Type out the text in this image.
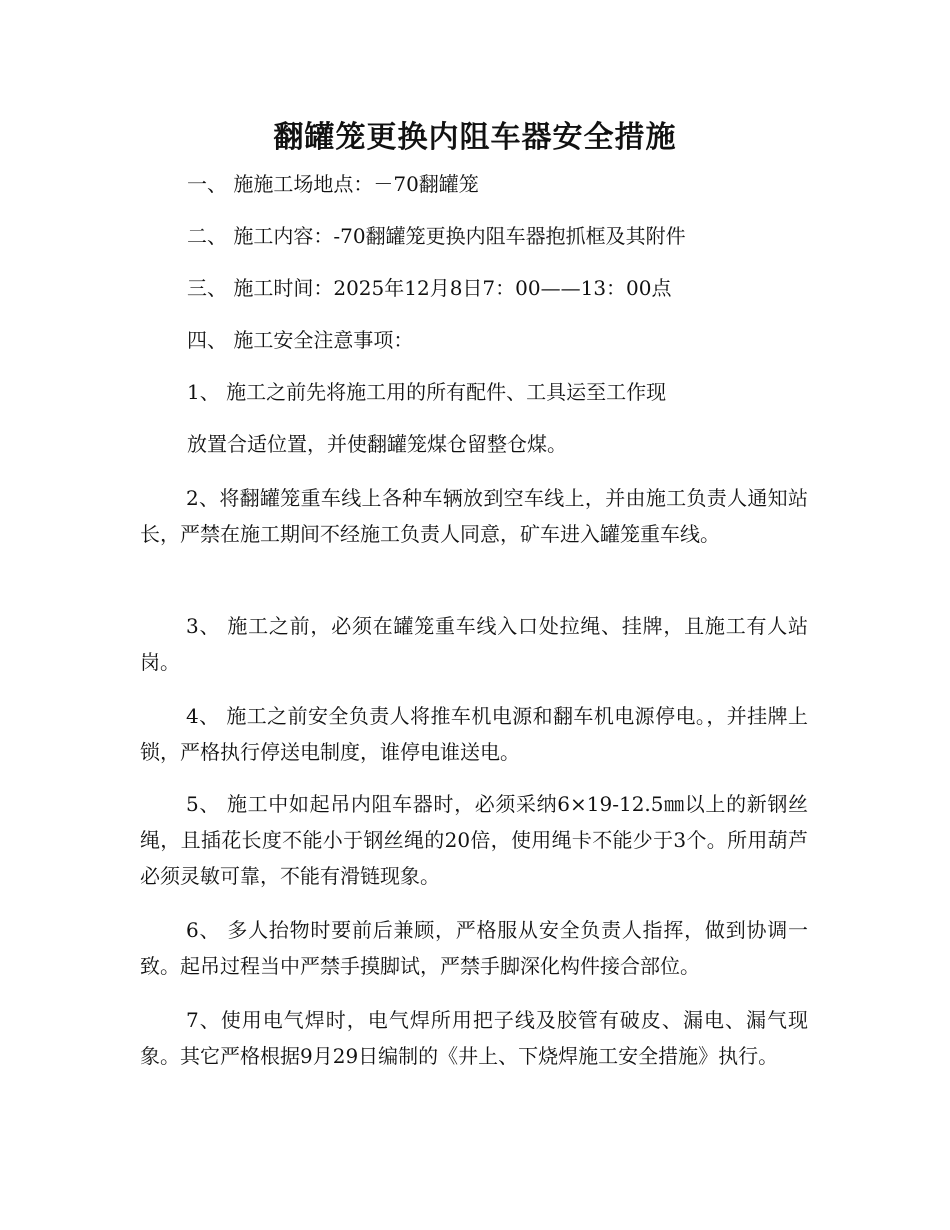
翻罐笼更换内阻车器安全措施

一、 施施工场地点：－70翻罐笼

二、 施工内容：-70翻罐笼更换内阻车器抱抓框及其附件

三、 施工时间：2025年12月8日7：00——13：00点

四、 施工安全注意事项：

1、 施工之前先将施工用的所有配件、工具运至工作现

放置合适位置，并使翻罐笼煤仓留整仓煤。

2、将翻罐笼重车线上各种车辆放到空车线上，并由施工负责人通知站长，严禁在施工期间不经施工负责人同意，矿车进入罐笼重车线。

3、 施工之前，必须在罐笼重车线入口处拉绳、挂牌，且施工有人站岗。

4、 施工之前安全负责人将推车机电源和翻车机电源停电。，并挂牌上锁，严格执行停送电制度，谁停电谁送电。

5、 施工中如起吊内阻车器时，必须采纳6×19-12.5㎜以上的新钢丝绳，且插花长度不能小于钢丝绳的20倍，使用绳卡不能少于3个。所用葫芦必须灵敏可靠，不能有滑链现象。

6、 多人抬物时要前后兼顾，严格服从安全负责人指挥，做到协调一致。起吊过程当中严禁手摸脚试，严禁手脚深化构件接合部位。

7、使用电气焊时，电气焊所用把子线及胶管有破皮、漏电、漏气现象。其它严格根据9月29日编制的《井上、下烧焊施工安全措施》执行。
